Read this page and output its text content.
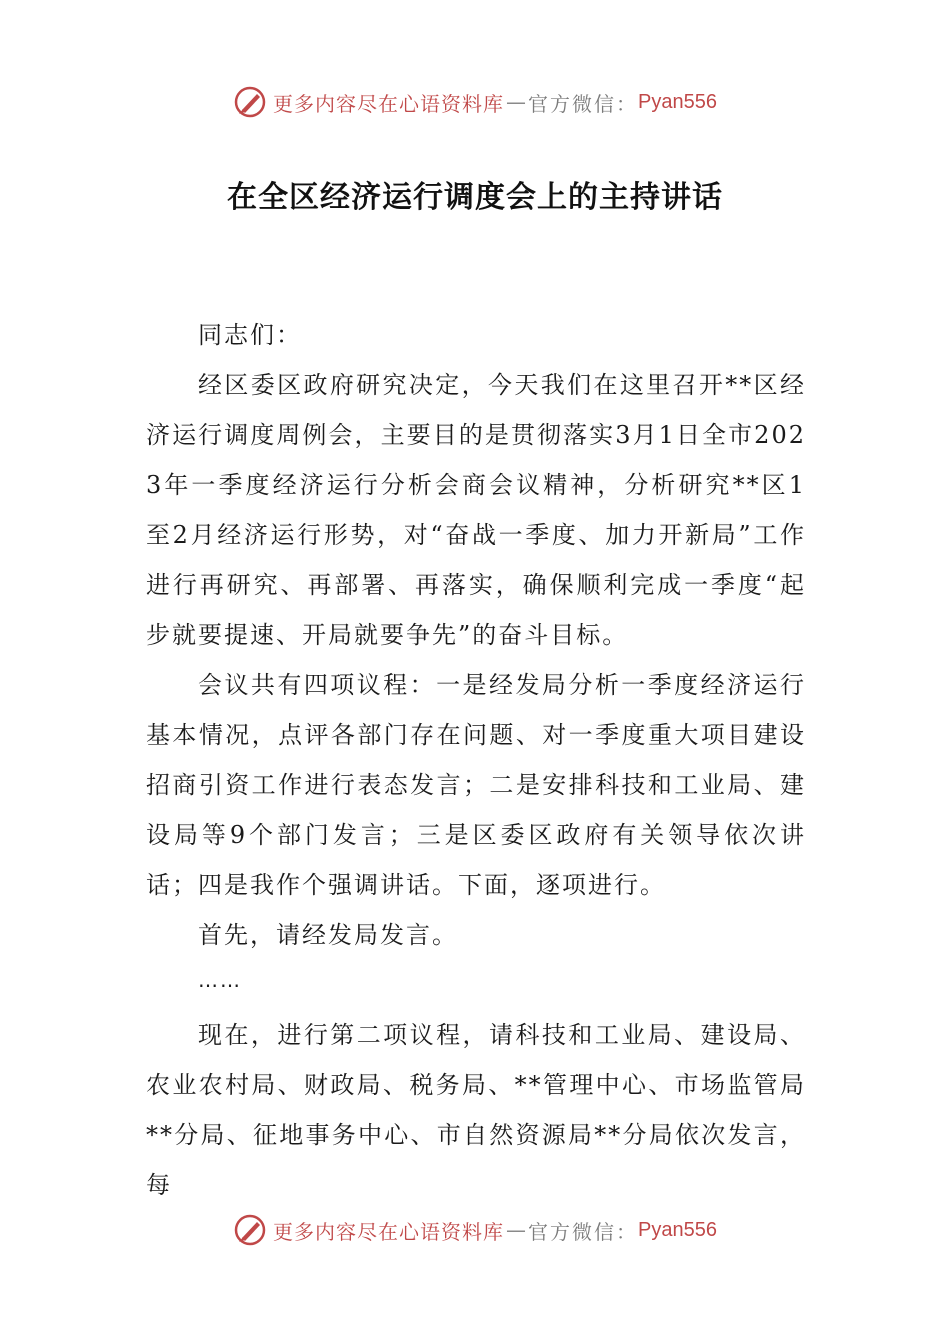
更多内容尽在心语资料库 — 官方微信： Pyan556
在全区经济运行调度会上的主持讲话

同志们：

经区委区政府研究决定，今天我们在这里召开**区经济运行调度周例会，主要目的是贯彻落实3月1日全市2023年一季度经济运行分析会商会议精神，分析研究**区1至2月经济运行形势，对“奋战一季度、加力开新局”工作进行再研究、再部署、再落实，确保顺利完成一季度“起步就要提速、开局就要争先”的奋斗目标。

会议共有四项议程：一是经发局分析一季度经济运行基本情况，点评各部门存在问题、对一季度重大项目建设招商引资工作进行表态发言；二是安排科技和工业局、建设局等9个部门发言；三是区委区政府有关领导依次讲话；四是我作个强调讲话。下面，逐项进行。

首先，请经发局发言。

……

现在，进行第二项议程，请科技和工业局、建设局、农业农村局、财政局、税务局、**管理中心、市场监管局**分局、征地事务中心、市自然资源局**分局依次发言，每

更多内容尽在心语资料库 — 官方微信： Pyan556
